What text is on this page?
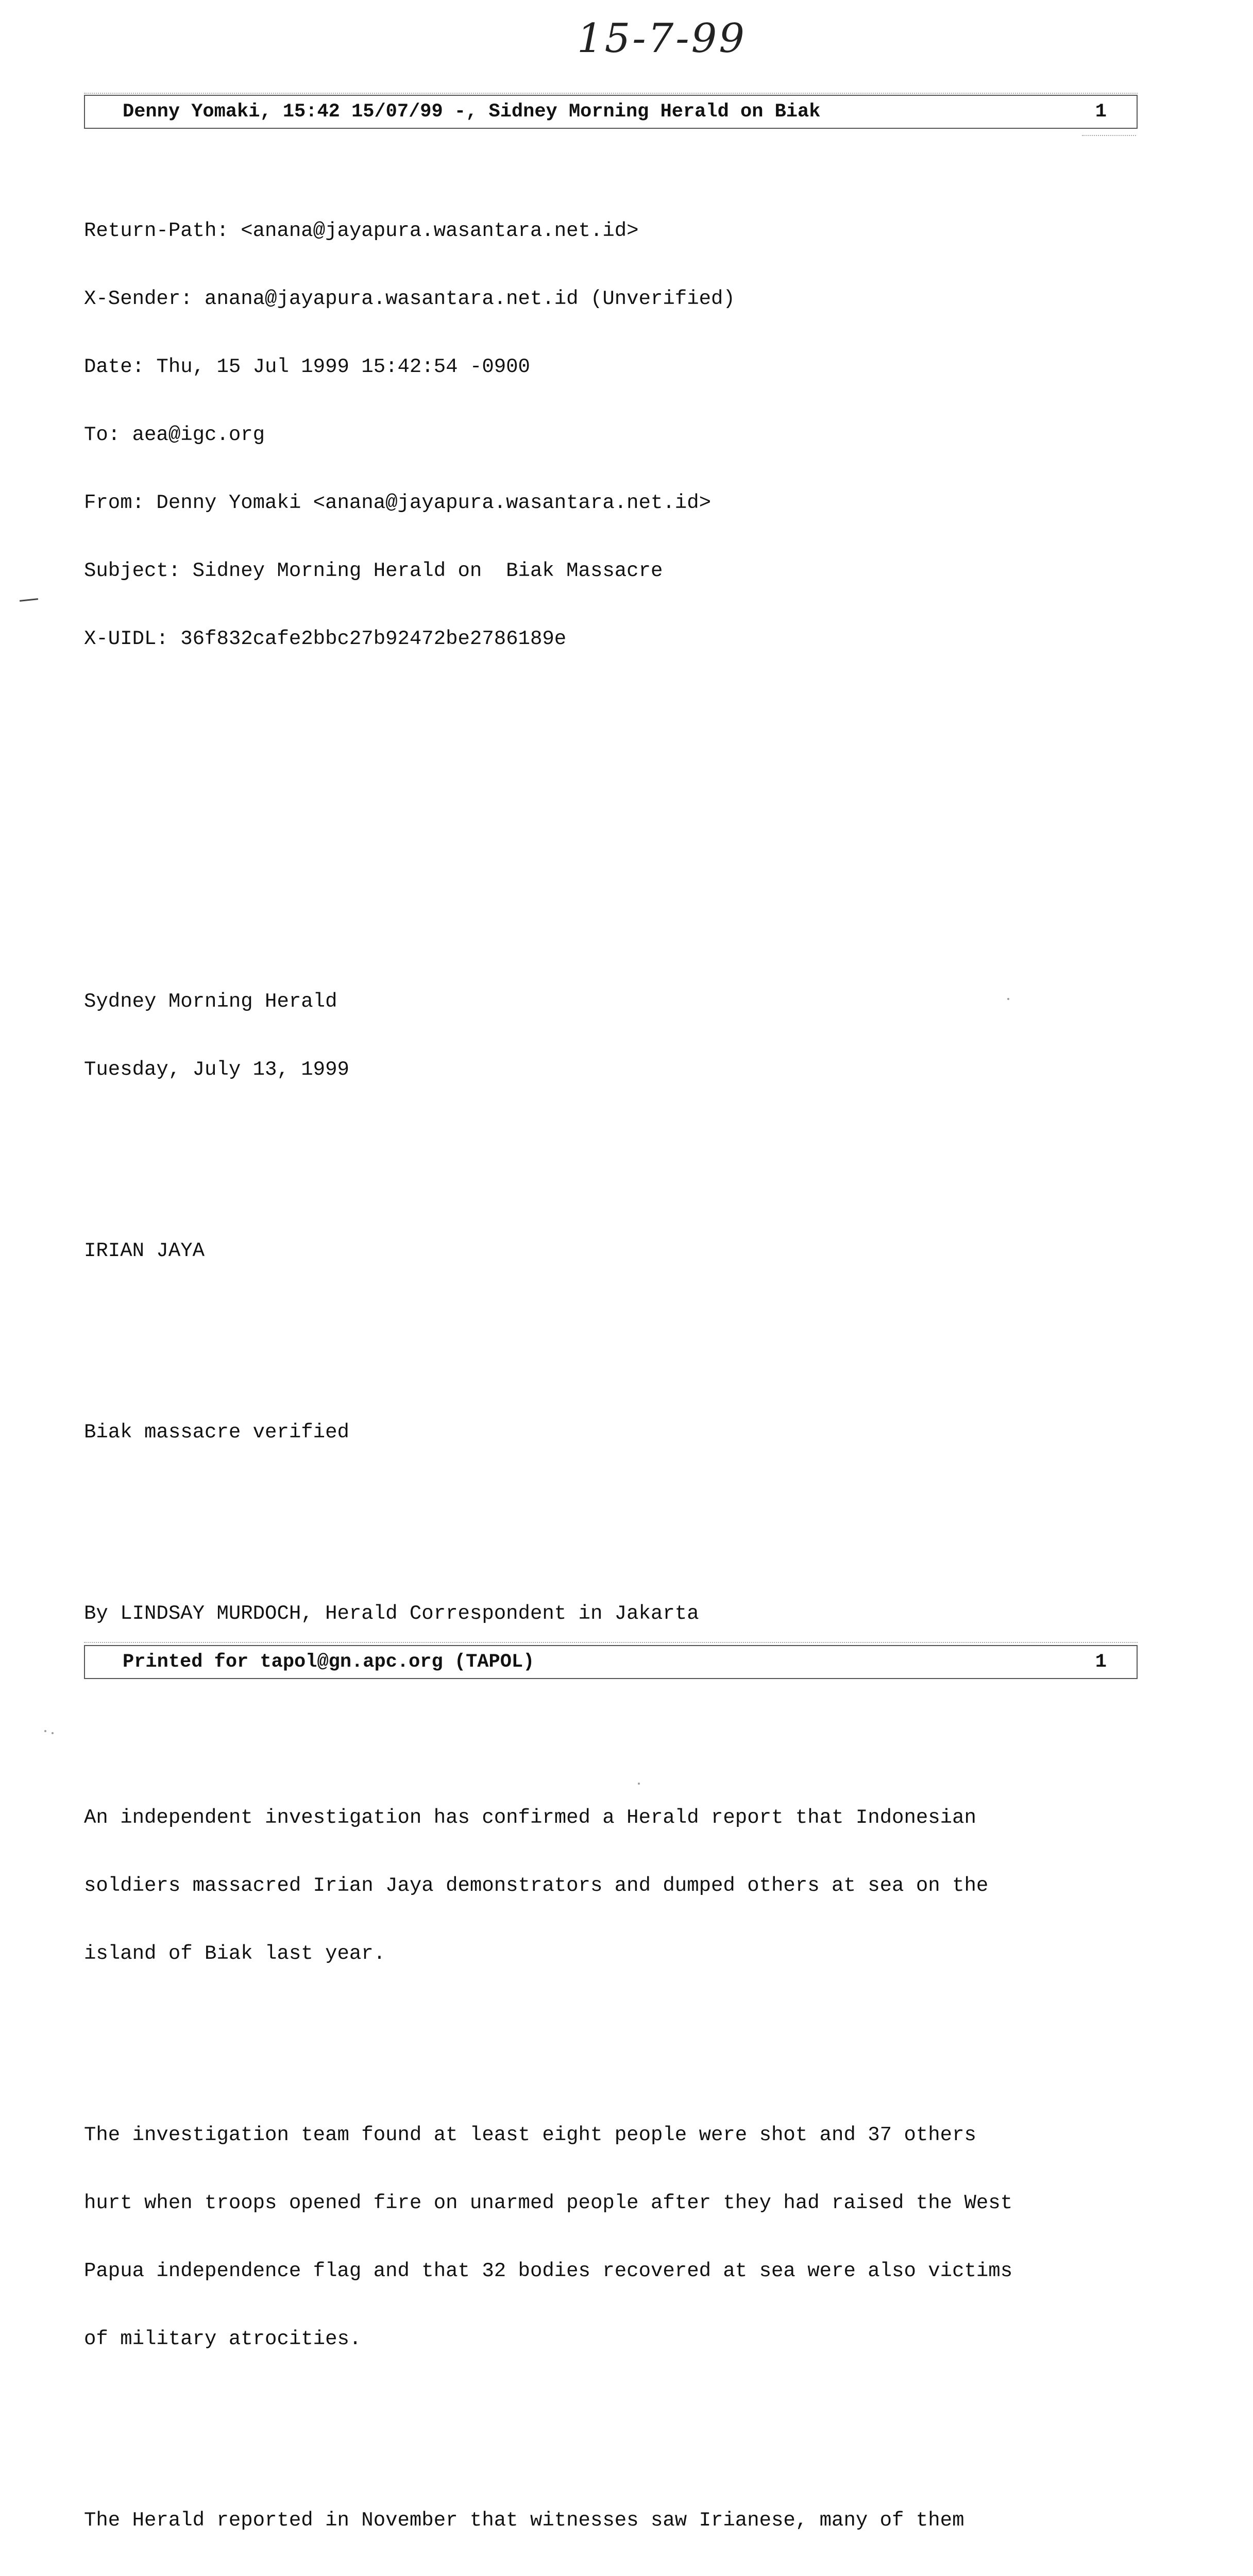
15-7-99
Denny Yomaki, 15:42 15/07/99 -, Sidney Morning Herald on Biak	1

Return-Path: <anana@jayapura.wasantara.net.id>

X-Sender: anana@jayapura.wasantara.net.id (Unverified)

Date: Thu, 15 Jul 1999 15:42:54 -0900

To: aea@igc.org

From: Denny Yomaki <anana@jayapura.wasantara.net.id>

Subject: Sidney Morning Herald on  Biak Massacre

X-UIDL: 36f832cafe2bbc27b92472be2786189e

Sydney Morning Herald

Tuesday, July 13, 1999

IRIAN JAYA

Biak massacre verified

By LINDSAY MURDOCH, Herald Correspondent in Jakarta

An independent investigation has confirmed a Herald report that Indonesian

soldiers massacred Irian Jaya demonstrators and dumped others at sea on the

island of Biak last year.

The investigation team found at least eight people were shot and 37 others

hurt when troops opened fire on unarmed people after they had raised the West

Papua independence flag and that 32 bodies recovered at sea were also victims

of military atrocities.

The Herald reported in November that witnesses saw Irianese, many of them

Printed for tapol@gn.apc.org (TAPOL)	1
